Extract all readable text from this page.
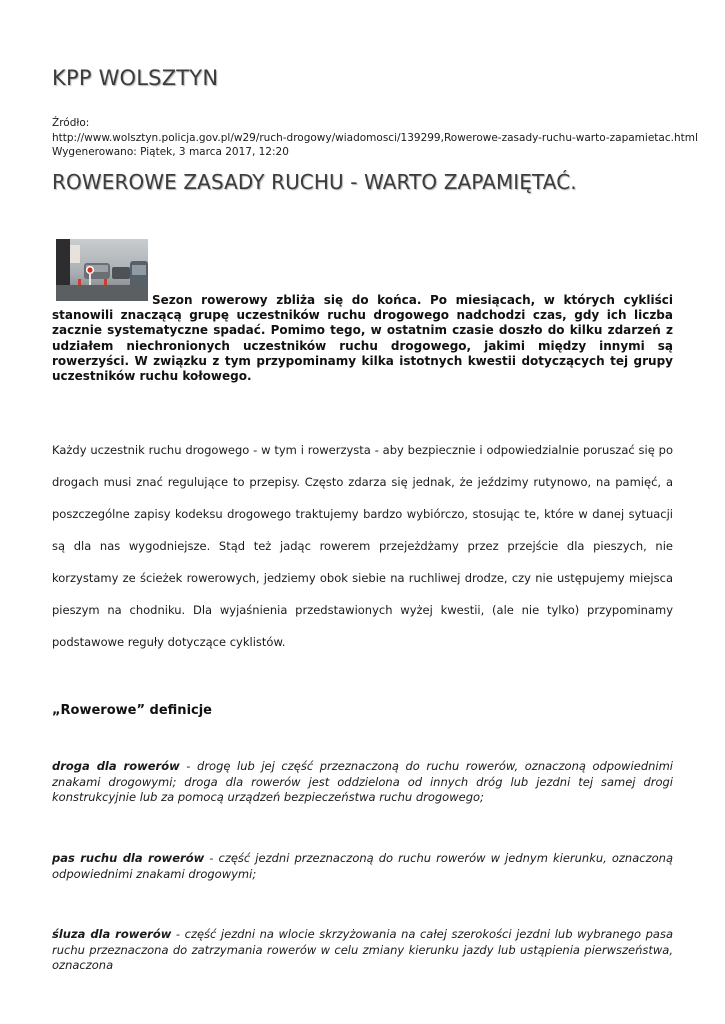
KPP WOLSZTYN
Źródło:
http://www.wolsztyn.policja.gov.pl/w29/ruch-drogowy/wiadomosci/139299,Rowerowe-zasady-ruchu-warto-zapamietac.html
Wygenerowano: Piątek, 3 marca 2017, 12:20
ROWEROWE ZASADY RUCHU - WARTO ZAPAMIĘTAĆ.
Sezon rowerowy zbliża się do końca. Po miesiącach, w których cykliści stanowili znaczącą grupę uczestników ruchu drogowego nadchodzi czas, gdy ich liczba zacznie systematyczne spadać. Pomimo tego, w ostatnim czasie doszło do kilku zdarzeń z udziałem niechronionych uczestników ruchu drogowego, jakimi między innymi są rowerzyści. W związku z tym przypominamy kilka istotnych kwestii dotyczących tej grupy uczestników ruchu kołowego.
Każdy uczestnik ruchu drogowego - w tym i rowerzysta - aby bezpiecznie i odpowiedzialnie poruszać się po drogach musi znać regulujące to przepisy. Często zdarza się jednak, że jeździmy rutynowo, na pamięć, a poszczególne zapisy kodeksu drogowego traktujemy bardzo wybiórczo, stosując te, które w danej sytuacji są dla nas wygodniejsze. Stąd też jadąc rowerem przejeżdżamy przez przejście dla pieszych, nie korzystamy ze ścieżek rowerowych, jedziemy obok siebie na ruchliwej drodze, czy nie ustępujemy miejsca pieszym na chodniku. Dla wyjaśnienia przedstawionych wyżej kwestii, (ale nie tylko) przypominamy podstawowe reguły dotyczące cyklistów.
„Rowerowe” definicje
droga dla rowerów - drogę lub jej część przeznaczoną do ruchu rowerów, oznaczoną odpowiednimi znakami drogowymi; droga dla rowerów jest oddzielona od innych dróg lub jezdni tej samej drogi konstrukcyjnie lub za pomocą urządzeń bezpieczeństwa ruchu drogowego;
pas ruchu dla rowerów - część jezdni przeznaczoną do ruchu rowerów w jednym kierunku, oznaczoną odpowiednimi znakami drogowymi;
śluza dla rowerów - część jezdni na wlocie skrzyżowania na całej szerokości jezdni lub wybranego pasa ruchu przeznaczona do zatrzymania rowerów w celu zmiany kierunku jazdy lub ustąpienia pierwszeństwa, oznaczona
